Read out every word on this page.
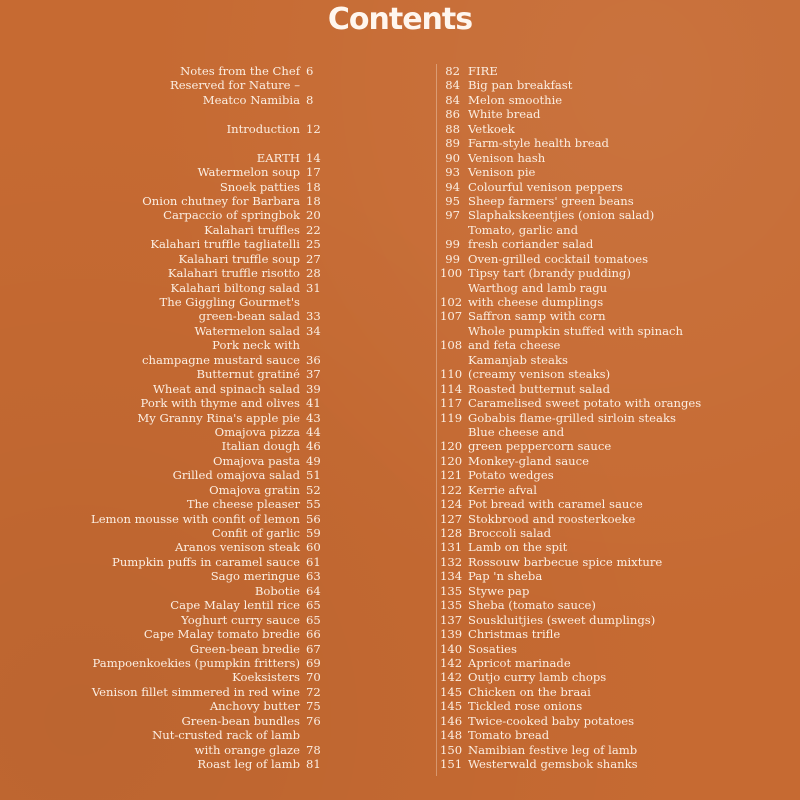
Contents
Notes from the Chef 6
Reserved for Nature –
Meatco Namibia 8
Introduction 12
EARTH 14
Watermelon soup 17
Snoek patties 18
Onion chutney for Barbara 18
Carpaccio of springbok 20
Kalahari truffles 22
Kalahari truffle tagliatelli 25
Kalahari truffle soup 27
Kalahari truffle risotto 28
Kalahari biltong salad 31
The Giggling Gourmet's
green-bean salad 33
Watermelon salad 34
Pork neck with
champagne mustard sauce 36
Butternut gratiné 37
Wheat and spinach salad 39
Pork with thyme and olives 41
My Granny Rina's apple pie 43
Omajova pizza 44
Italian dough 46
Omajova pasta 49
Grilled omajova salad 51
Omajova gratin 52
The cheese pleaser 55
Lemon mousse with confit of lemon 56
Confit of garlic 59
Aranos venison steak 60
Pumpkin puffs in caramel sauce 61
Sago meringue 63
Bobotie 64
Cape Malay lentil rice 65
Yoghurt curry sauce 65
Cape Malay tomato bredie 66
Green-bean bredie 67
Pampoenkoekies (pumpkin fritters) 69
Koeksisters 70
Venison fillet simmered in red wine 72
Anchovy butter 75
Green-bean bundles 76
Nut-crusted rack of lamb
with orange glaze 78
Roast leg of lamb 81
82 FIRE
84 Big pan breakfast
84 Melon smoothie
86 White bread
88 Vetkoek
89 Farm-style health bread
90 Venison hash
93 Venison pie
94 Colourful venison peppers
95 Sheep farmers' green beans
97 Slaphakskeentjies (onion salad)
Tomato, garlic and
99 fresh coriander salad
99 Oven-grilled cocktail tomatoes
100 Tipsy tart (brandy pudding)
Warthog and lamb ragu
102 with cheese dumplings
107 Saffron samp with corn
Whole pumpkin stuffed with spinach
108 and feta cheese
Kamanjab steaks
110 (creamy venison steaks)
114 Roasted butternut salad
117 Caramelised sweet potato with oranges
119 Gobabis flame-grilled sirloin steaks
Blue cheese and
120 green peppercorn sauce
120 Monkey-gland sauce
121 Potato wedges
122 Kerrie afval
124 Pot bread with caramel sauce
127 Stokbrood and roosterkoeke
128 Broccoli salad
131 Lamb on the spit
132 Rossouw barbecue spice mixture
134 Pap 'n sheba
135 Stywe pap
135 Sheba (tomato sauce)
137 Souskluitjies (sweet dumplings)
139 Christmas trifle
140 Sosaties
142 Apricot marinade
142 Outjo curry lamb chops
145 Chicken on the braai
145 Tickled rose onions
146 Twice-cooked baby potatoes
148 Tomato bread
150 Namibian festive leg of lamb
151 Westerwald gemsbok shanks
